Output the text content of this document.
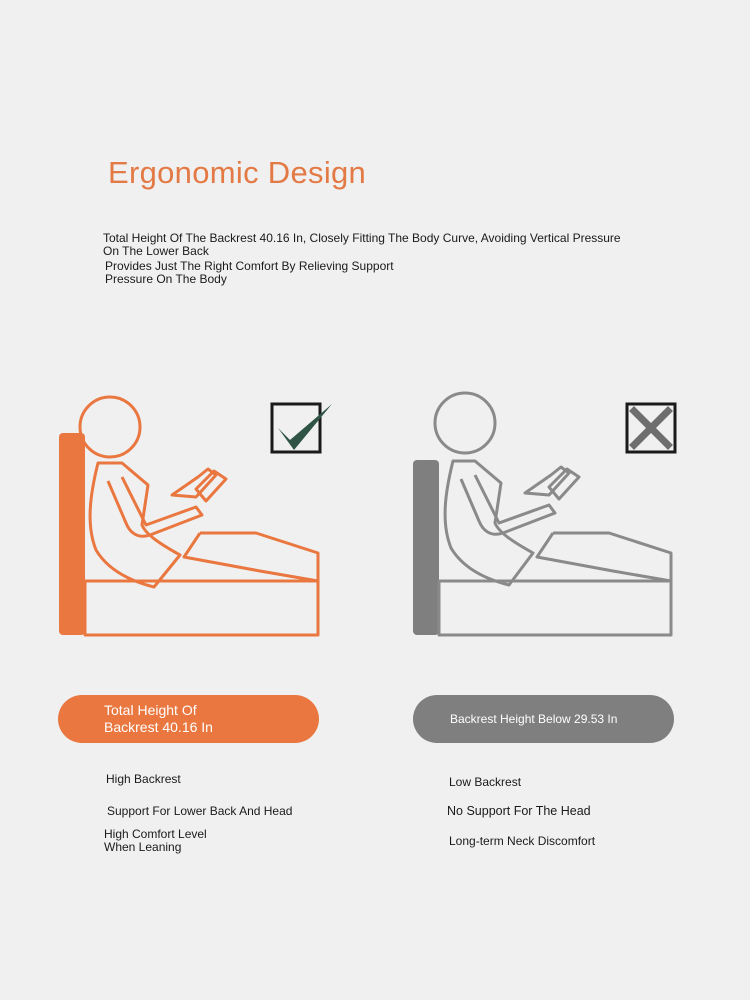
Ergonomic Design
Total Height Of The Backrest 40.16 In, Closely Fitting The Body Curve, Avoiding Vertical Pressure
On The Lower Back
Provides Just The Right Comfort By Relieving Support
Pressure On The Body
Total Height Of
Backrest 40.16 In	Backrest Height Below 29.53 In
High Backrest
Support For Lower Back And Head
High Comfort Level
When Leaning
Low Backrest
No Support For The Head
Long-term Neck Discomfort
